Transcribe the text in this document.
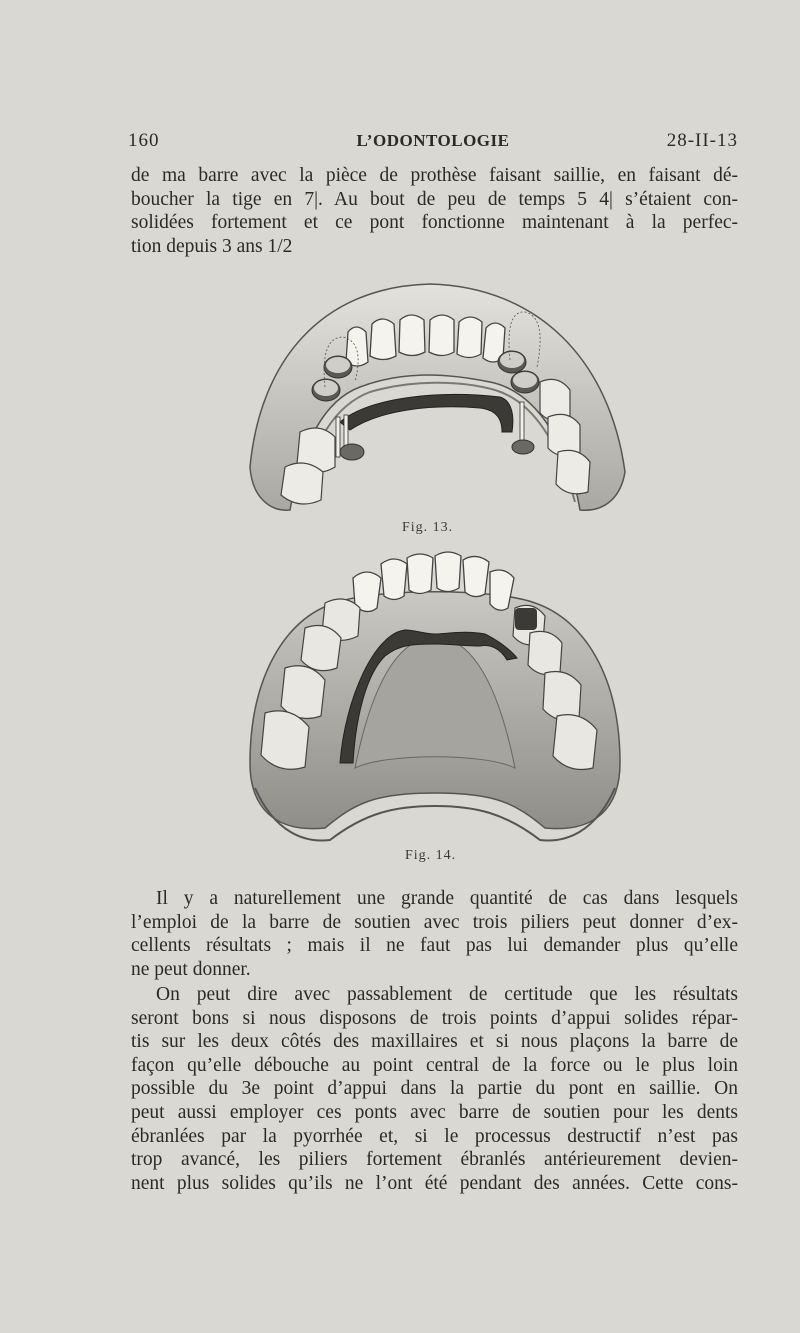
160	L’ODONTOLOGIE	28-II-13

de ma barre avec la pièce de prothèse faisant saillie, en faisant dé-
boucher la tige en 7|. Au bout de peu de temps 5 4| s’étaient con-
solidées fortement et ce pont fonctionne maintenant à la perfec-
tion depuis 3 ans 1/2

Fig. 13.
Fig. 14.

Il y a naturellement une grande quantité de cas dans lesquels
l’emploi de la barre de soutien avec trois piliers peut donner d’ex-
cellents résultats ; mais il ne faut pas lui demander plus qu’elle
ne peut donner.

On peut dire avec passablement de certitude que les résultats
seront bons si nous disposons de trois points d’appui solides répar-
tis sur les deux côtés des maxillaires et si nous plaçons la barre de
façon qu’elle débouche au point central de la force ou le plus loin
possible du 3e point d’appui dans la partie du pont en saillie. On
peut aussi employer ces ponts avec barre de soutien pour les dents
ébranlées par la pyorrhée et, si le processus destructif n’est pas
trop avancé, les piliers fortement ébranlés antérieurement devien-
nent plus solides qu’ils ne l’ont été pendant des années. Cette cons-
